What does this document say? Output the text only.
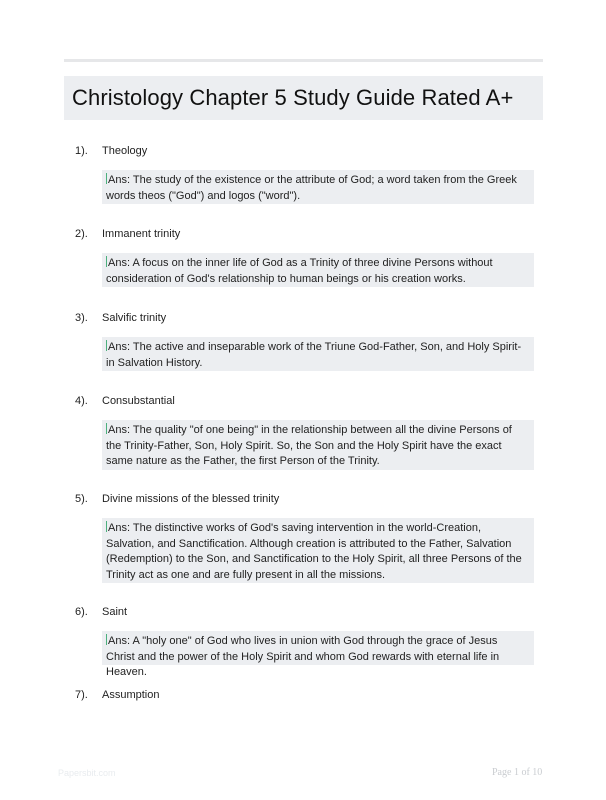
Christology Chapter 5 Study Guide Rated A+
1). Theology
Ans: The study of the existence or the attribute of God; a word taken from the Greek words theos ("God") and logos ("word").
2). Immanent trinity
Ans: A focus on the inner life of God as a Trinity of three divine Persons without consideration of God's relationship to human beings or his creation works.
3). Salvific trinity
Ans: The active and inseparable work of the Triune God-Father, Son, and Holy Spirit-in Salvation History.
4). Consubstantial
Ans: The quality "of one being" in the relationship between all the divine Persons of the Trinity-Father, Son, Holy Spirit. So, the Son and the Holy Spirit have the exact same nature as the Father, the first Person of the Trinity.
5). Divine missions of the blessed trinity
Ans: The distinctive works of God's saving intervention in the world-Creation, Salvation, and Sanctification. Although creation is attributed to the Father, Salvation (Redemption) to the Son, and Sanctification to the Holy Spirit, all three Persons of the Trinity act as one and are fully present in all the missions.
6). Saint
Ans: A "holy one" of God who lives in union with God through the grace of Jesus Christ and the power of the Holy Spirit and whom God rewards with eternal life in Heaven.
7). Assumption
Papersbit.com	Page 1 of 10
